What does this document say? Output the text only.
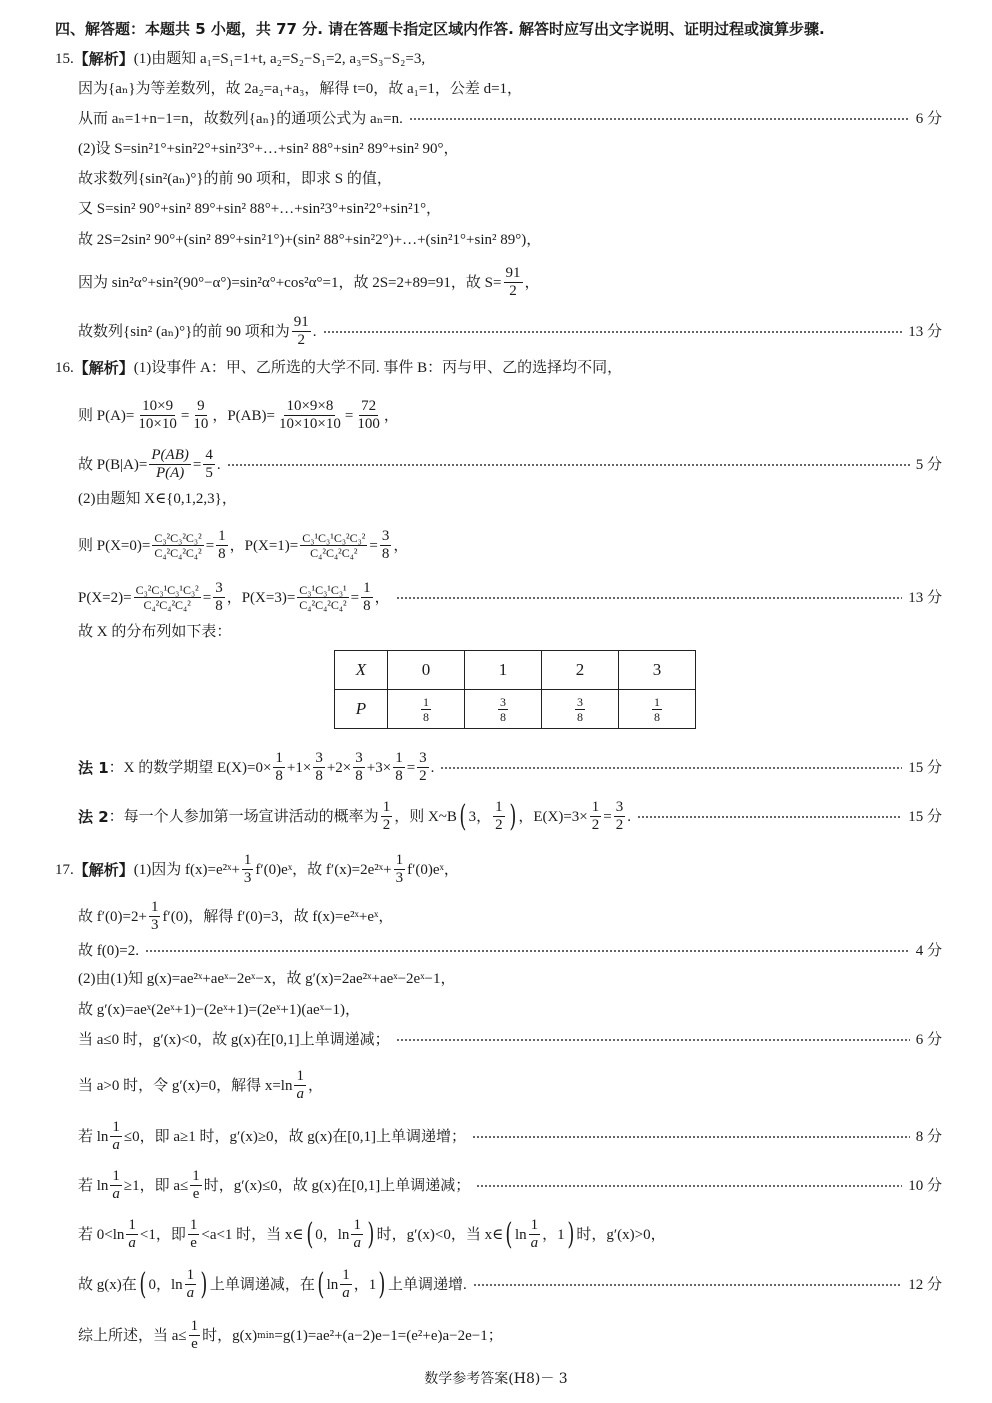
四、解答题：本题共 5 小题，共 77 分. 请在答题卡指定区域内作答. 解答时应写出文字说明、证明过程或演算步骤.
15. 【解析】 (1)由题知 a₁=S₁=1+t, a₂=S₂−S₁=2, a₃=S₃−S₂=3,
因为{aₙ}为等差数列，故 2a₂=a₁+a₃，解得 t=0，故 a₁=1，公差 d=1，
从而 aₙ=1+n−1=n，故数列{aₙ}的通项公式为 aₙ=n.	6 分
(2)设 S=sin²1°+sin²2°+sin²3°+…+sin² 88°+sin² 89°+sin² 90°，
故求数列{sin²(aₙ)°}的前 90 项和，即求 S 的值，
又 S=sin² 90°+sin² 89°+sin² 88°+…+sin²3°+sin²2°+sin²1°，
故 2S=2sin² 90°+(sin² 89°+sin²1°)+(sin² 88°+sin²2°)+…+(sin²1°+sin² 89°)，
因为 sin²α°+sin²(90°−α°)=sin²α°+cos²α°=1，故 2S=2+89=91，故 $S= \frac{91}{2}$ ，
故数列{sin² (aₙ)°}的前 90 项和为 $\frac{91}{2}$ .	13 分
16. 【解析】 (1)设事件 A：甲、乙所选的大学不同. 事件 B：丙与甲、乙的选择均不同，
则 $P(A)= \frac{10\times 9}{10\times 10} = \frac{9}{10}$ ，$P(AB)= \frac{10\times 9\times 8}{10\times 10\times 10} = \frac{72}{100}$ ，
故 $P(B|A)= \frac{P(AB)}{P(A)} = \frac{4}{5}$ .	5 分
(2)由题知 X∈{0,1,2,3}，
则 $P(X=0)= \frac{\text{C₃²C₃²C₃²}}{\text{C₄²C₄²C₄²}} = \frac{1}{8}$ ，$P(X=1)= \frac{\text{C₃¹C₃¹C₃²C₃²}}{\text{C₄²C₄²C₄²}} = \frac{3}{8}$ ，
$P(X=2)= \frac{\text{C₃²C₃¹C₃¹C₃²}}{\text{C₄²C₄²C₄²}} = \frac{3}{8}$ ，$P(X=3)= \frac{\text{C₃¹C₃¹C₃¹}}{\text{C₄²C₄²C₄²}} = \frac{1}{8}$ ，	13 分
故 X 的分布列如下表：
X	0	1	2	3
P	$\frac{1}{8}$	$\frac{3}{8}$	$\frac{3}{8}$	$\frac{1}{8}$
法 1 ：X 的数学期望 $E(X)=0\times \frac{1}{8} +1\times \frac{3}{8} +2\times \frac{3}{8} +3\times \frac{1}{8} = \frac{3}{2}$ .	15 分
法 2 ：每一个人参加第一场宣讲活动的概率为 $\frac{1}{2}$ ，则 X~B ( 3， $\frac{1}{2}$ ) ，$E(X)=3\times \frac{1}{2} = \frac{3}{2}$ .	15 分
17. 【解析】 (1)因为 f(x)=e²ˣ+ $\frac{1}{3}$ f′(0)eˣ，故 f′(x)=2e²ˣ+ $\frac{1}{3}$ f′(0)eˣ，
故 $f'(0)=2+ \frac{1}{3} f'(0)$，解得 f′(0)=3，故 f(x)=e²ˣ+eˣ，
故 f(0)=2.	4 分
(2)由(1)知 g(x)=ae²ˣ+aeˣ−2eˣ−x，故 g′(x)=2ae²ˣ+aeˣ−2eˣ−1，
故 g′(x)=aeˣ(2eˣ+1)−(2eˣ+1)=(2eˣ+1)(aeˣ−1)，
当 a≤0 时，g′(x)<0，故 g(x)在[0,1]上单调递减；	6 分
当 a>0 时，令 g′(x)=0，解得 $x=\ln \frac{1}{a}$ ，
若 $\ln \frac{1}{a} \le 0$，即 a≥1 时，g′(x)≥0，故 g(x)在[0,1]上单调递增；	8 分
若 $\ln \frac{1}{a} \ge 1$，即 $a\le \frac{1}{e}$ 时，g′(x)≤0，故 g(x)在[0,1]上单调递减；	10 分
若 $0<\ln \frac{1}{a} <1$，即 $\frac{1}{e} <a<1$ 时，当 x∈ ( 0，$\ln \frac{1}{a}$ ) 时，g′(x)<0，当 x∈ ( $\ln \frac{1}{a}$ ，1 ) 时，g′(x)>0，
故 g(x)在 ( 0，$\ln \frac{1}{a}$ ) 上单调递减，在 ( $\ln \frac{1}{a}$ ，1 ) 上单调递增.	12 分
综上所述，当 $a\le \frac{1}{e}$ 时，g(x) min =g(1)=ae²+(a−2)e−1=(e²+e)a−2e−1；
数学参考答案(H8)－ 3
